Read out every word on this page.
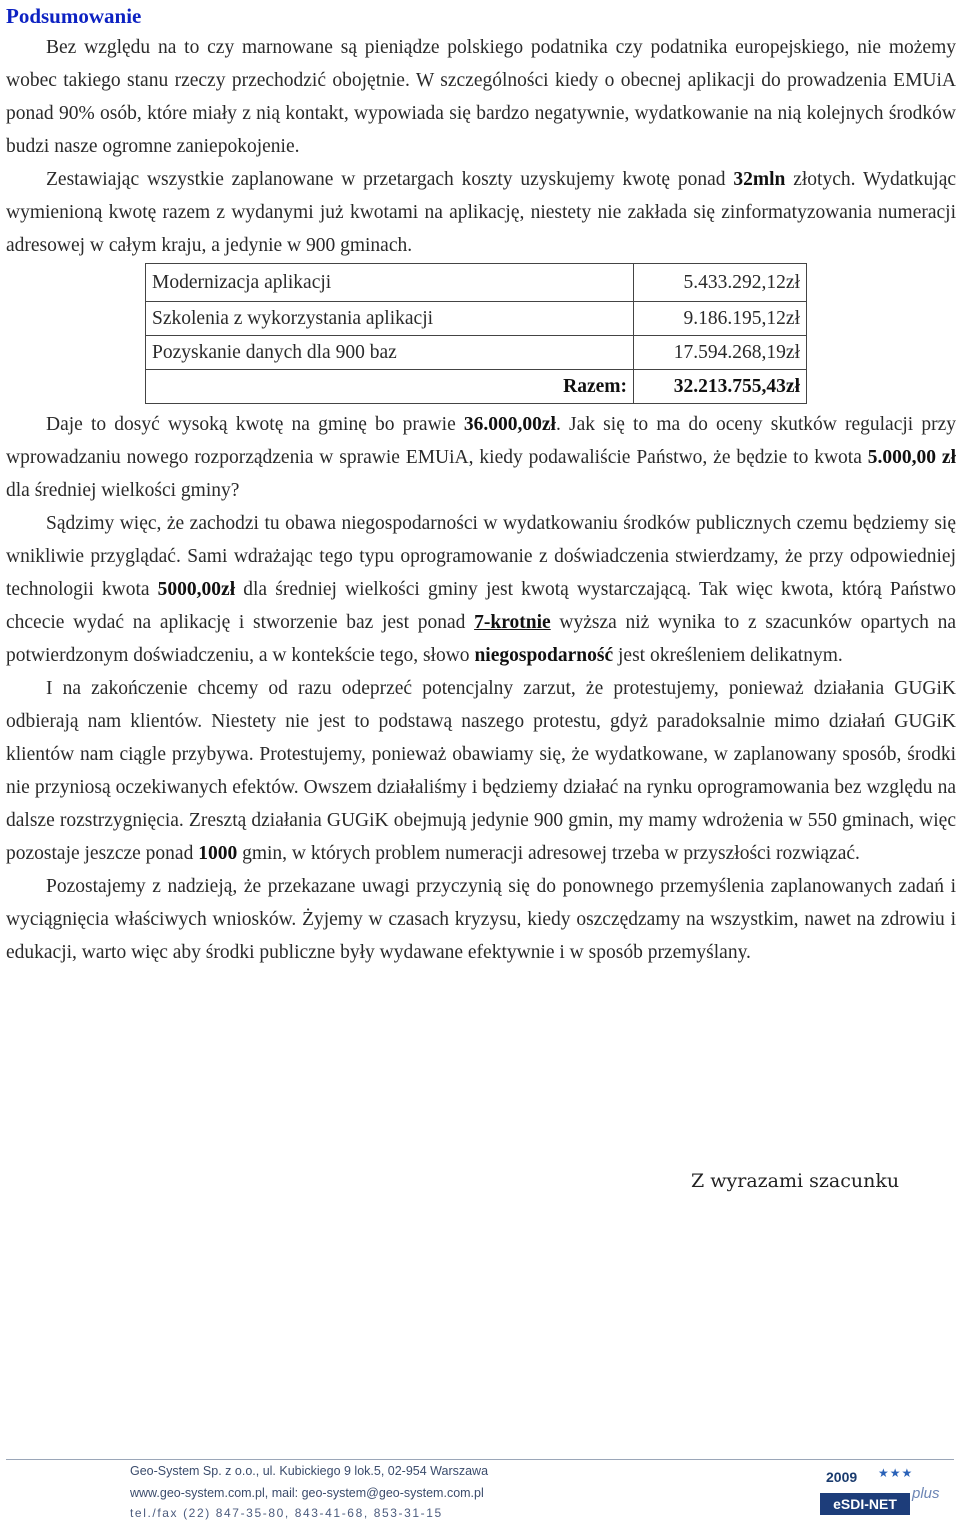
Podsumowanie

Bez względu na to czy marnowane są pieniądze polskiego podatnika czy podatnika europejskiego, nie możemy wobec takiego stanu rzeczy przechodzić obojętnie. W szczególności kiedy o obecnej aplikacji do prowadzenia EMUiA ponad 90% osób, które miały z nią kontakt, wypowiada się bardzo negatywnie, wydatkowanie na nią kolejnych środków budzi nasze ogromne zaniepokojenie.

Zestawiając wszystkie zaplanowane w przetargach koszty uzyskujemy kwotę ponad 32mln złotych. Wydatkując wymienioną kwotę razem z wydanymi już kwotami na aplikację, niestety nie zakłada się zinformatyzowania numeracji adresowej w całym kraju, a jedynie w 900 gminach.

Modernizacja aplikacji	5.433.292,12zł
Szkolenia z wykorzystania aplikacji	9.186.195,12zł
Pozyskanie danych dla 900 baz	17.594.268,19zł
Razem:	32.213.755,43zł

Daje to dosyć wysoką kwotę na gminę bo prawie 36.000,00zł. Jak się to ma do oceny skutków regulacji przy wprowadzaniu nowego rozporządzenia w sprawie EMUiA, kiedy podawaliście Państwo, że będzie to kwota 5.000,00 zł dla średniej wielkości gminy?

Sądzimy więc, że zachodzi tu obawa niegospodarności w wydatkowaniu środków publicznych czemu będziemy się wnikliwie przyglądać. Sami wdrażając tego typu oprogramowanie z doświadczenia stwierdzamy, że przy odpowiedniej technologii kwota 5000,00zł dla średniej wielkości gminy jest kwotą wystarczającą. Tak więc kwota, którą Państwo chcecie wydać na aplikację i stworzenie baz jest ponad 7-krotnie wyższa niż wynika to z szacunków opartych na potwierdzonym doświadczeniu, a w kontekście tego, słowo niegospodarność jest określeniem delikatnym.

I na zakończenie chcemy od razu odeprzeć potencjalny zarzut, że protestujemy, ponieważ działania GUGiK odbierają nam klientów. Niestety nie jest to podstawą naszego protestu, gdyż paradoksalnie mimo działań GUGiK klientów nam ciągle przybywa. Protestujemy, ponieważ obawiamy się, że wydatkowane, w zaplanowany sposób, środki nie przyniosą oczekiwanych efektów. Owszem działaliśmy i będziemy działać na rynku oprogramowania bez względu na dalsze rozstrzygnięcia. Zresztą działania GUGiK obejmują jedynie 900 gmin, my mamy wdrożenia w 550 gminach, więc pozostaje jeszcze ponad 1000 gmin, w których problem numeracji adresowej trzeba w przyszłości rozwiązać.

Pozostajemy z nadzieją, że przekazane uwagi przyczynią się do ponownego przemyślenia zaplanowanych zadań i wyciągnięcia właściwych wniosków. Żyjemy w czasach kryzysu, kiedy oszczędzamy na wszystkim, nawet na zdrowiu i edukacji, warto więc aby środki publiczne były wydawane efektywnie i w sposób przemyślany.

Z wyrazami szacunku
Geo-System Sp. z o.o., ul. Kubickiego 9 lok.5, 02-954 Warszawa
www.geo-system.com.pl, mail: geo-system@geo-system.com.pl
tel./fax (22) 847-35-80, 843-41-68, 853-31-15
2009 ★★★
plus
eSDI-NET
